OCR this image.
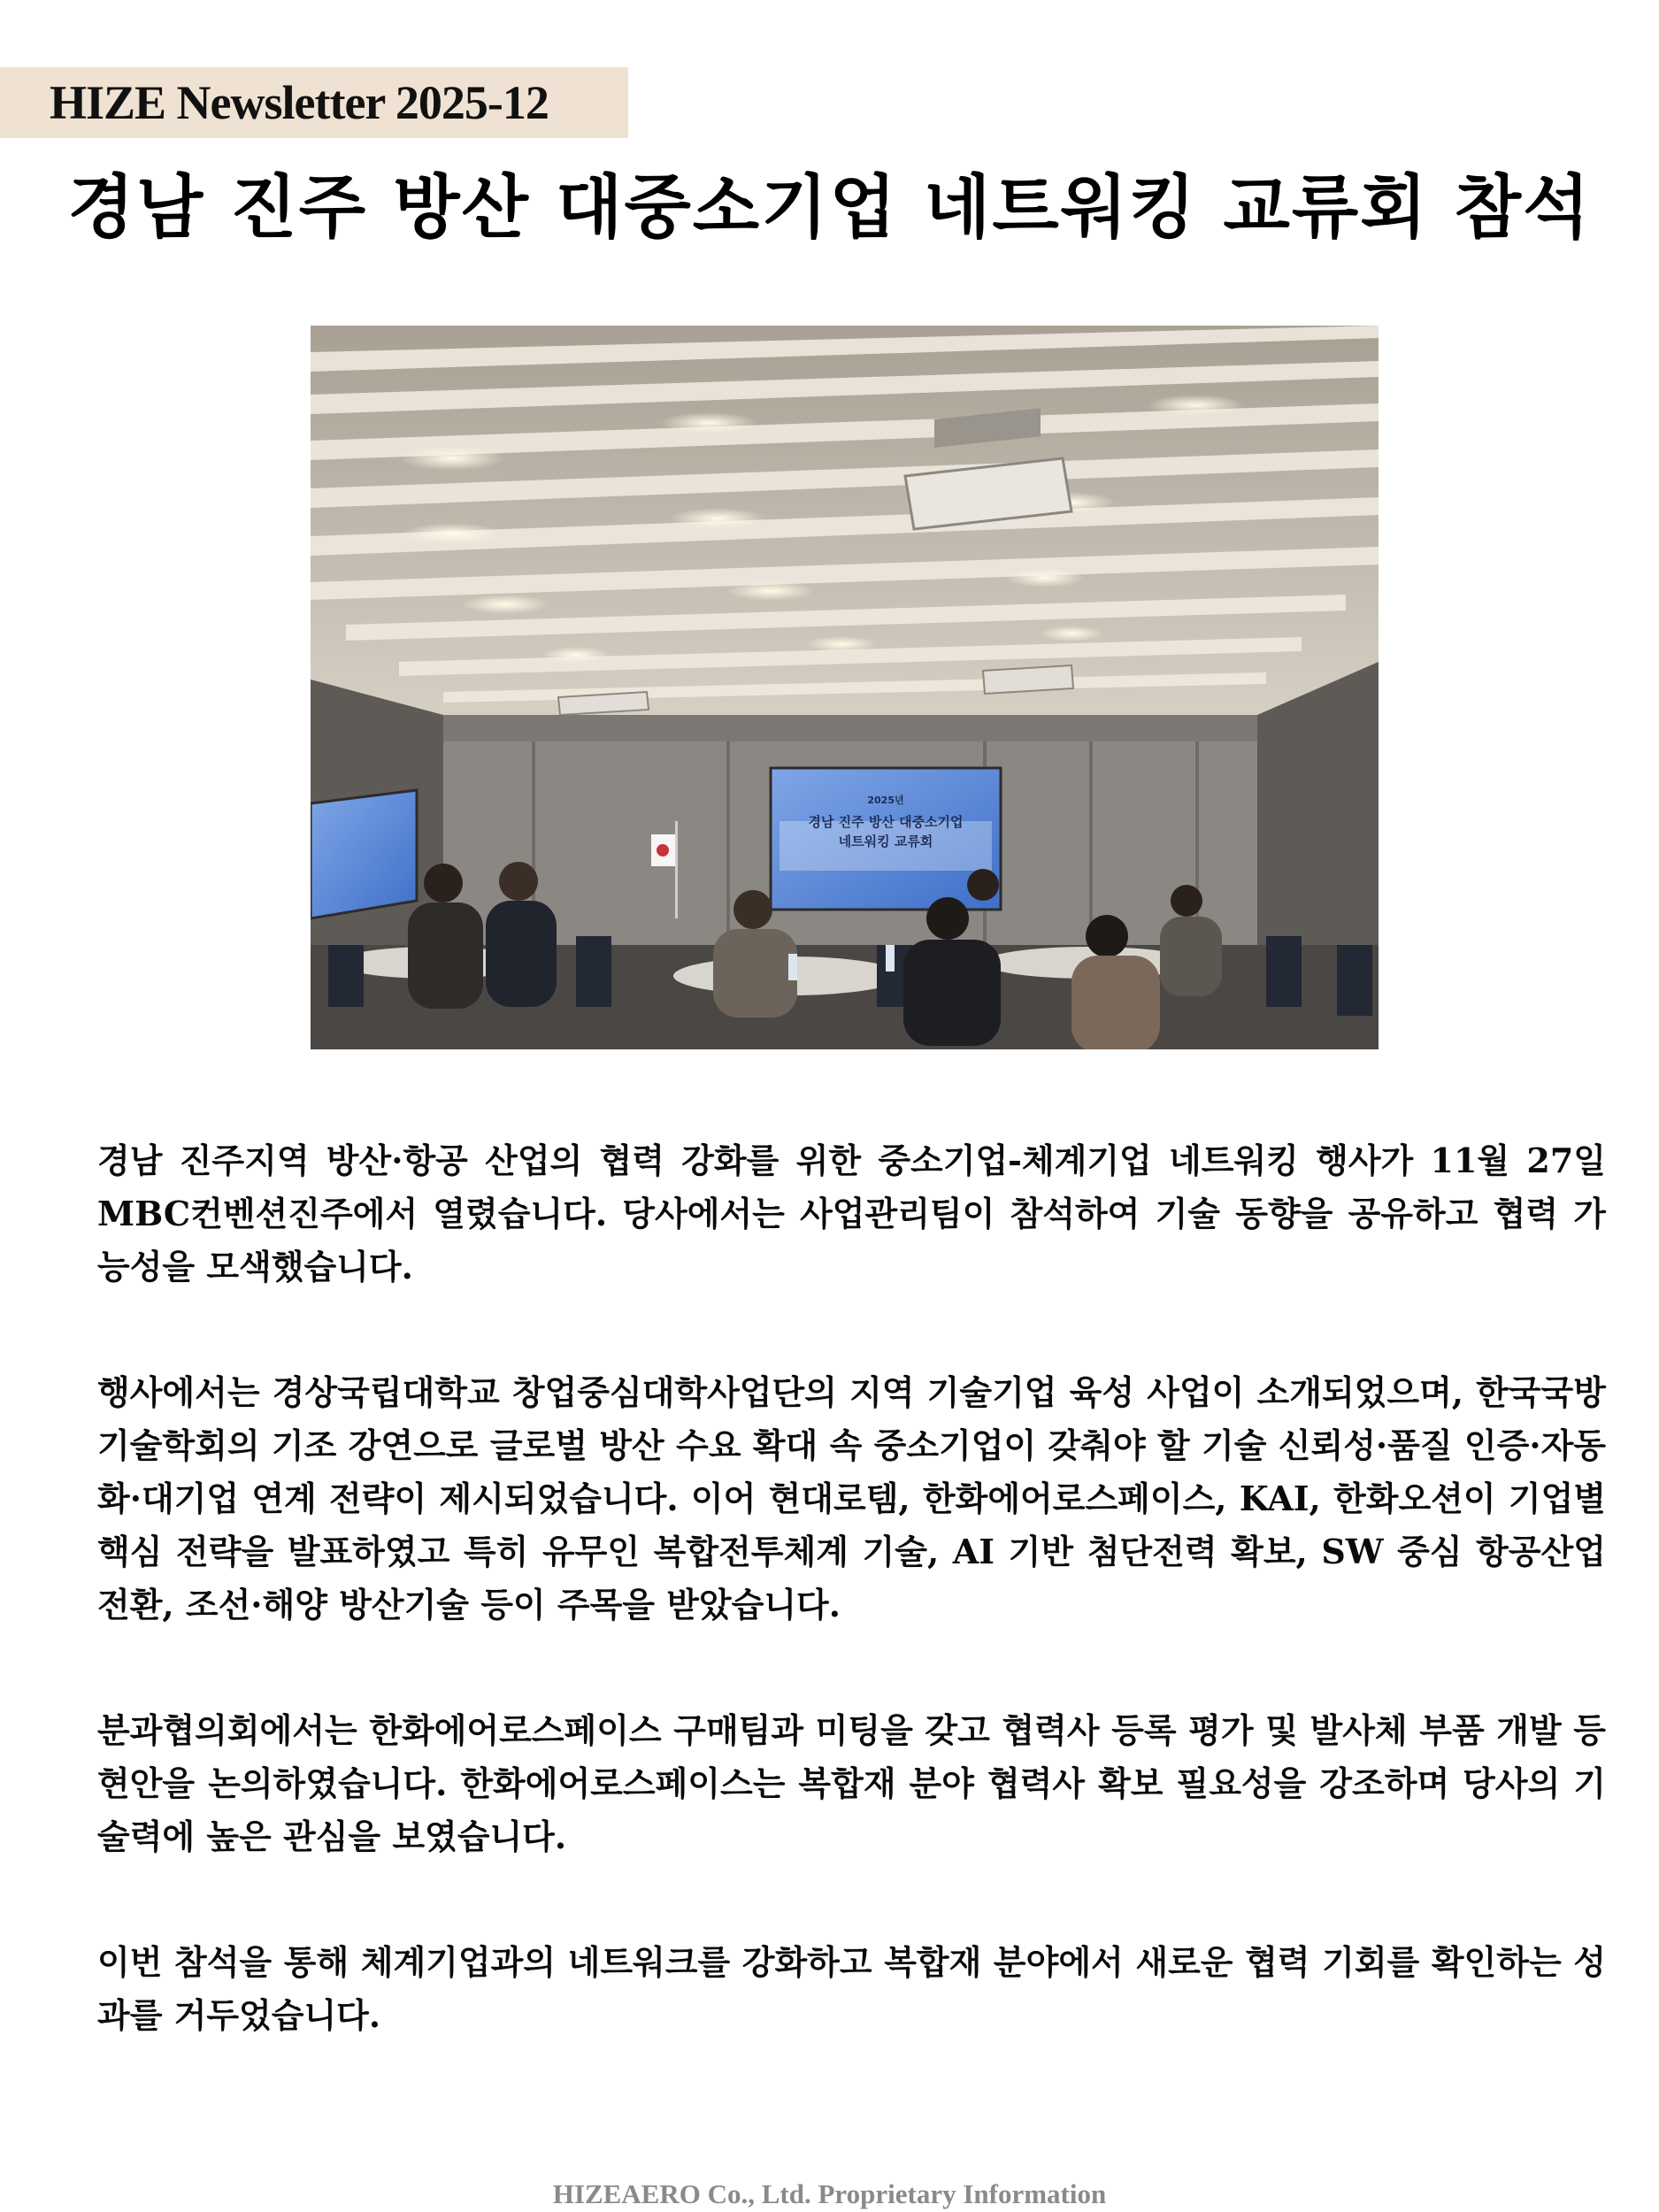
HIZE Newsletter 2025-12
경남 진주 방산 대중소기업 네트워킹 교류회 참석
2025년
경남 진주 방산 대중소기업
네트워킹 교류회

경남 진주지역 방산·항공 산업의 협력 강화를 위한 중소기업-체계기업 네트워킹 행사가 11월 27일 MBC컨벤션진주에서 열렸습니다. 당사에서는 사업관리팀이 참석하여 기술 동향을 공유하고 협력 가능성을 모색했습니다.

행사에서는 경상국립대학교 창업중심대학사업단의 지역 기술기업 육성 사업이 소개되었으며, 한국국방기술학회의 기조 강연으로 글로벌 방산 수요 확대 속 중소기업이 갖춰야 할 기술 신뢰성·품질 인증·자동화·대기업 연계 전략이 제시되었습니다. 이어 현대로템, 한화에어로스페이스, KAI, 한화오션이 기업별 핵심 전략을 발표하였고 특히 유무인 복합전투체계 기술, AI 기반 첨단전력 확보, SW 중심 항공산업 전환, 조선·해양 방산기술 등이 주목을 받았습니다.

분과협의회에서는 한화에어로스페이스 구매팀과 미팅을 갖고 협력사 등록 평가 및 발사체 부품 개발 등 현안을 논의하였습니다. 한화에어로스페이스는 복합재 분야 협력사 확보 필요성을 강조하며 당사의 기술력에 높은 관심을 보였습니다.

이번 참석을 통해 체계기업과의 네트워크를 강화하고 복합재 분야에서 새로운 협력 기회를 확인하는 성과를 거두었습니다.

HIZEAERO Co., Ltd. Proprietary Information
